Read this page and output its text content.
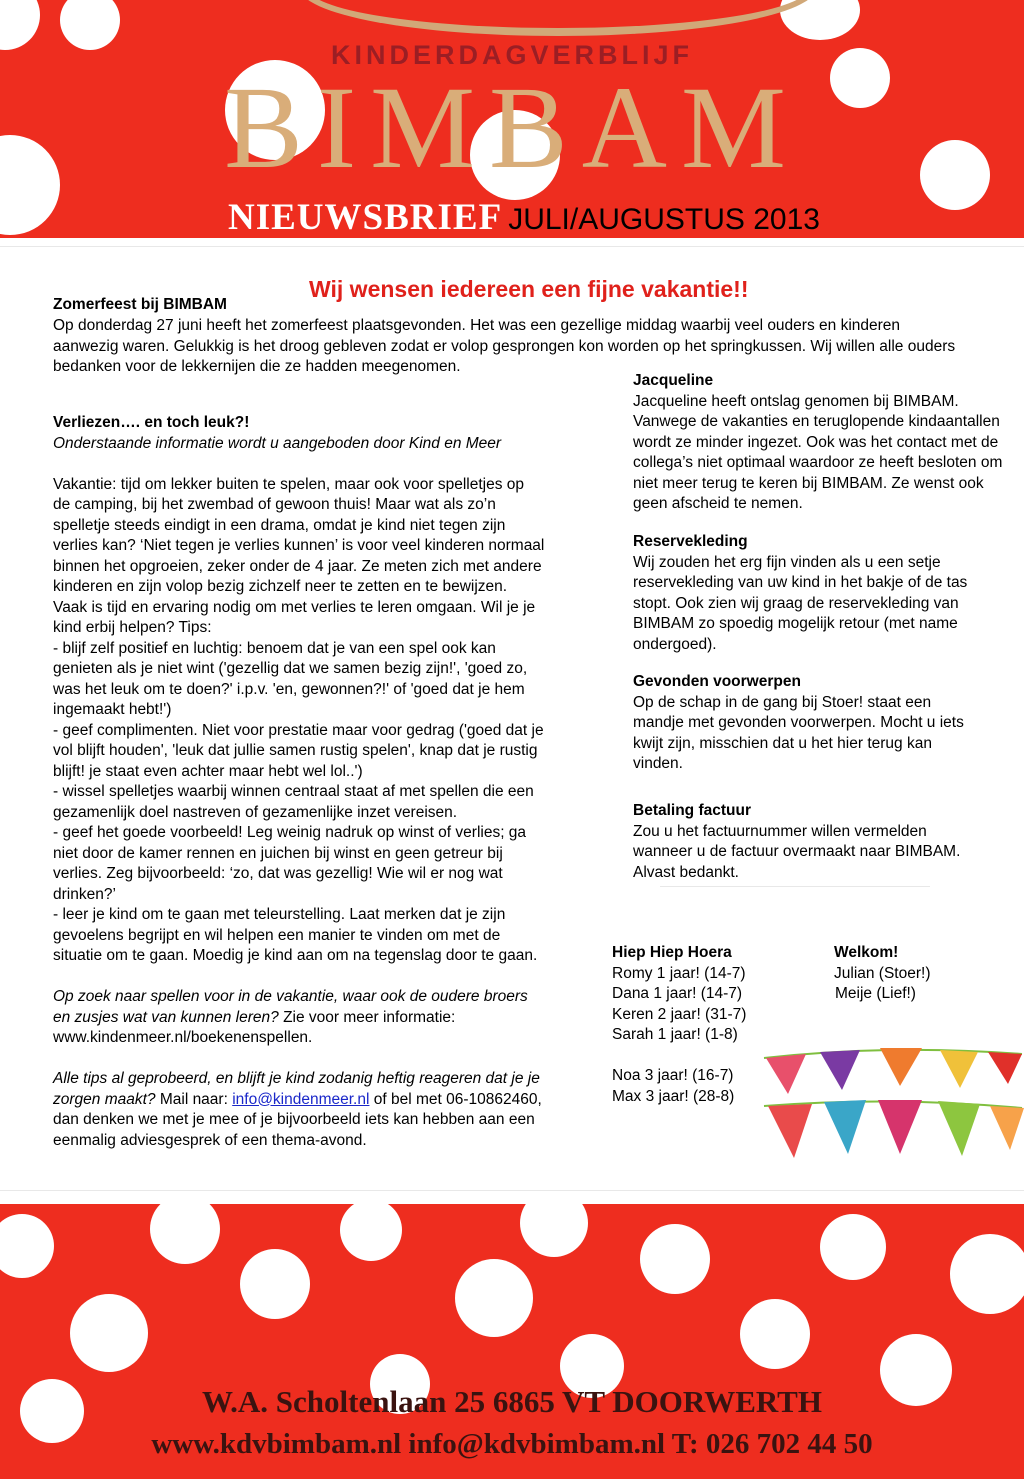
KINDERDAGVERBLIJF
BIMBAM
NIEUWSBRIEF JULI/AUGUSTUS 2013
Wij wensen iedereen een fijne vakantie!!
Zomerfeest bij BIMBAM
Op donderdag 27 juni heeft het zomerfeest plaatsgevonden. Het was een gezellige middag waarbij veel ouders en kinderen
aanwezig waren. Gelukkig is het droog gebleven zodat er volop gesprongen kon worden op het springkussen. Wij willen alle ouders
bedanken voor de lekkernijen die ze hadden meegenomen.
Verliezen…. en toch leuk?!
Onderstaande informatie wordt u aangeboden door Kind en Meer
Vakantie: tijd om lekker buiten te spelen, maar ook voor spelletjes op
de camping, bij het zwembad of gewoon thuis! Maar wat als zo’n
spelletje steeds eindigt in een drama, omdat je kind niet tegen zijn
verlies kan? ‘Niet tegen je verlies kunnen’ is voor veel kinderen normaal
binnen het opgroeien, zeker onder de 4 jaar. Ze meten zich met andere
kinderen en zijn volop bezig zichzelf neer te zetten en te bewijzen.
Vaak is tijd en ervaring nodig om met verlies te leren omgaan. Wil je je
kind erbij helpen? Tips:
- blijf zelf positief en luchtig: benoem dat je van een spel ook kan
genieten als je niet wint ('gezellig dat we samen bezig zijn!', 'goed zo,
was het leuk om te doen?' i.p.v. 'en, gewonnen?!' of 'goed dat je hem
ingemaakt hebt!')
- geef complimenten. Niet voor prestatie maar voor gedrag ('goed dat je
vol blijft houden', 'leuk dat jullie samen rustig spelen', knap dat je rustig
blijft! je staat even achter maar hebt wel lol..')
- wissel spelletjes waarbij winnen centraal staat af met spellen die een
gezamenlijk doel nastreven of gezamenlijke inzet vereisen.
- geef het goede voorbeeld! Leg weinig nadruk op winst of verlies; ga
niet door de kamer rennen en juichen bij winst en geen getreur bij
verlies. Zeg bijvoorbeeld: ‘zo, dat was gezellig! Wie wil er nog wat
drinken?’
- leer je kind om te gaan met teleurstelling. Laat merken dat je zijn
gevoelens begrijpt en wil helpen een manier te vinden om met de
situatie om te gaan. Moedig je kind aan om na tegenslag door te gaan.
Op zoek naar spellen voor in de vakantie, waar ook de oudere broers
en zusjes wat van kunnen leren? Zie voor meer informatie:
www.kindenmeer.nl/boekenenspellen.
Alle tips al geprobeerd, en blijft je kind zodanig heftig reageren dat je je
zorgen maakt? Mail naar: info@kindenmeer.nl of bel met 06-10862460,
dan denken we met je mee of je bijvoorbeeld iets kan hebben aan een
eenmalig adviesgesprek of een thema-avond.
Jacqueline
Jacqueline heeft ontslag genomen bij BIMBAM.
Vanwege de vakanties en teruglopende kindaantallen
wordt ze minder ingezet. Ook was het contact met de
collega’s niet optimaal waardoor ze heeft besloten om
niet meer terug te keren bij BIMBAM. Ze wenst ook
geen afscheid te nemen.
Reservekleding
Wij zouden het erg fijn vinden als u een setje
reservekleding van uw kind in het bakje of de tas
stopt. Ook zien wij graag de reservekleding van
BIMBAM zo spoedig mogelijk retour (met name
ondergoed).
Gevonden voorwerpen
Op de schap in de gang bij Stoer! staat een
mandje met gevonden voorwerpen. Mocht u iets
kwijt zijn, misschien dat u het hier terug kan
vinden.
Betaling factuur
Zou u het factuurnummer willen vermelden
wanneer u de factuur overmaakt naar BIMBAM.
Alvast bedankt.
Hiep Hiep Hoera
Romy 1 jaar! (14-7)
Dana 1 jaar! (14-7)
Keren 2 jaar! (31-7)
Sarah 1 jaar! (1-8)
Noa 3 jaar! (16-7)
Max 3 jaar! (28-8)
Welkom!
Julian (Stoer!)
Meije (Lief!)
W.A. Scholtenlaan 25 6865 VT DOORWERTH
www.kdvbimbam.nl info@kdvbimbam.nl T: 026 702 44 50
